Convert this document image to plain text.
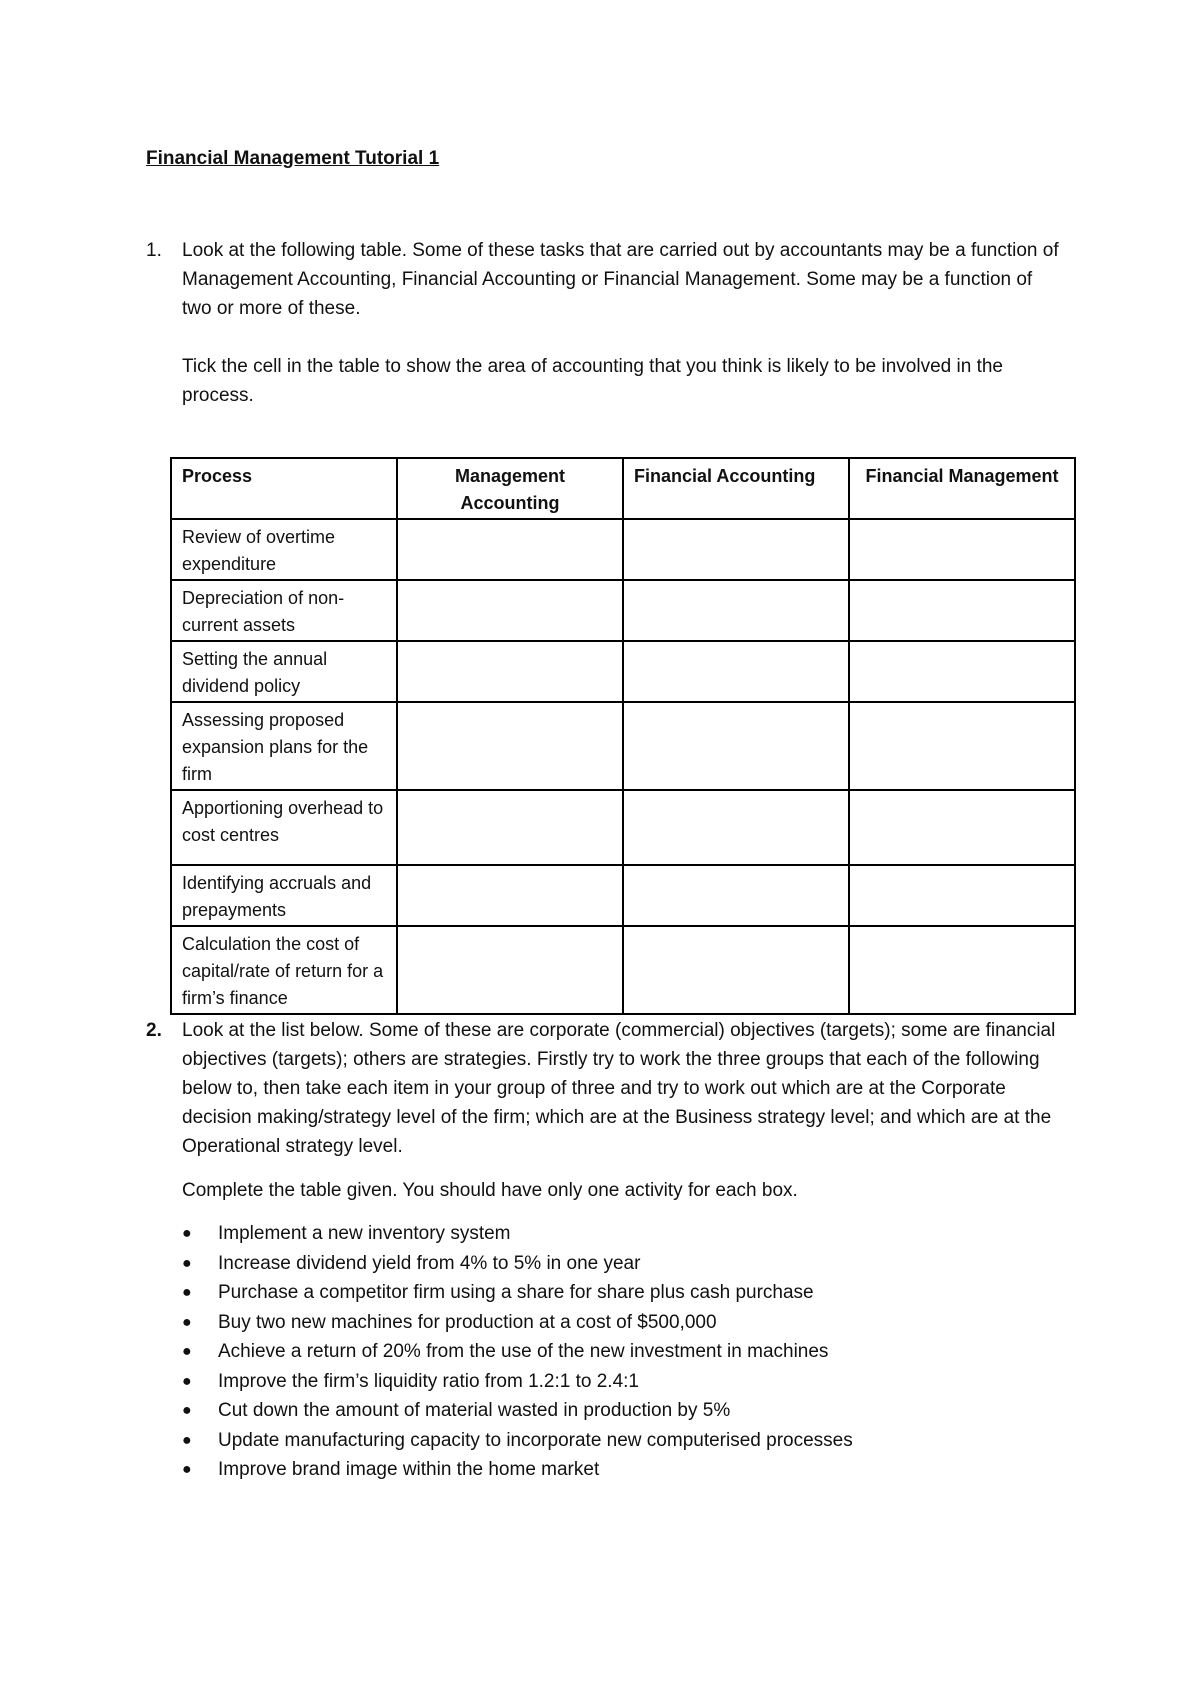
Financial Management Tutorial 1
1. Look at the following table. Some of these tasks that are carried out by accountants may be a function of Management Accounting, Financial Accounting or Financial Management. Some may be a function of two or more of these.

Tick the cell in the table to show the area of accounting that you think is likely to be involved in the process.

Process	Management Accounting	Financial Accounting	Financial Management
Review of overtime expenditure			
Depreciation of non-current assets			
Setting the annual dividend policy			
Assessing proposed expansion plans for the firm			
Apportioning overhead to cost centres			
Identifying accruals and prepayments			
Calculation the cost of capital/rate of return for a firm’s finance			
2. Look at the list below. Some of these are corporate (commercial) objectives (targets); some are financial objectives (targets); others are strategies. Firstly try to work the three groups that each of the following below to, then take each item in your group of three and try to work out which are at the Corporate decision making/strategy level of the firm; which are at the Business strategy level; and which are at the Operational strategy level.

Complete the table given. You should have only one activity for each box.

● Implement a new inventory system
● Increase dividend yield from 4% to 5% in one year
● Purchase a competitor firm using a share for share plus cash purchase
● Buy two new machines for production at a cost of $500,000
● Achieve a return of 20% from the use of the new investment in machines
● Improve the firm’s liquidity ratio from 1.2:1 to 2.4:1
● Cut down the amount of material wasted in production by 5%
● Update manufacturing capacity to incorporate new computerised processes
● Improve brand image within the home market
